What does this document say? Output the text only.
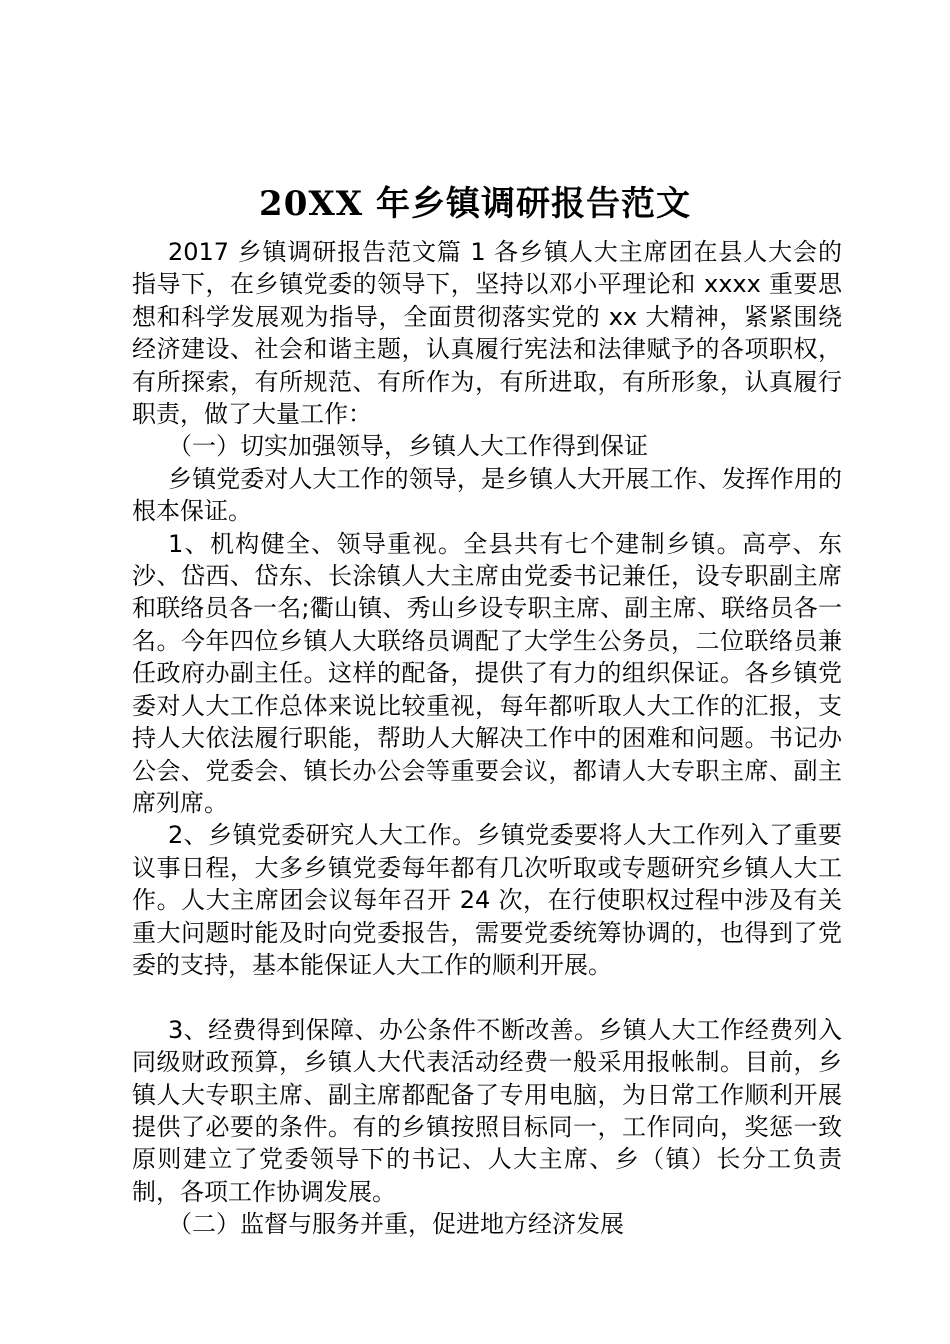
20XX 年乡镇调研报告范文

2017 乡镇调研报告范文篇 1 各乡镇人大主席团在县人大会的指导下，在乡镇党委的领导下，坚持以邓小平理论和 xxxx 重要思想和科学发展观为指导，全面贯彻落实党的 xx 大精神，紧紧围绕经济建设、社会和谐主题，认真履行宪法和法律赋予的各项职权，有所探索，有所规范、有所作为，有所进取，有所形象，认真履行职责，做了大量工作：

（一）切实加强领导，乡镇人大工作得到保证

乡镇党委对人大工作的领导，是乡镇人大开展工作、发挥作用的根本保证。

1、机构健全、领导重视。全县共有七个建制乡镇。高亭、东沙、岱西、岱东、长涂镇人大主席由党委书记兼任，设专职副主席和联络员各一名;衢山镇、秀山乡设专职主席、副主席、联络员各一名。今年四位乡镇人大联络员调配了大学生公务员，二位联络员兼任政府办副主任。这样的配备，提供了有力的组织保证。各乡镇党委对人大工作总体来说比较重视，每年都听取人大工作的汇报，支持人大依法履行职能，帮助人大解决工作中的困难和问题。书记办公会、党委会、镇长办公会等重要会议，都请人大专职主席、副主席列席。

2、乡镇党委研究人大工作。乡镇党委要将人大工作列入了重要议事日程，大多乡镇党委每年都有几次听取或专题研究乡镇人大工作。人大主席团会议每年召开 24 次，在行使职权过程中涉及有关重大问题时能及时向党委报告，需要党委统筹协调的，也得到了党委的支持，基本能保证人大工作的顺利开展。

3、经费得到保障、办公条件不断改善。乡镇人大工作经费列入同级财政预算，乡镇人大代表活动经费一般采用报帐制。目前，乡镇人大专职主席、副主席都配备了专用电脑，为日常工作顺利开展提供了必要的条件。有的乡镇按照目标同一，工作同向，奖惩一致原则建立了党委领导下的书记、人大主席、乡（镇）长分工负责制，各项工作协调发展。

（二）监督与服务并重，促进地方经济发展
